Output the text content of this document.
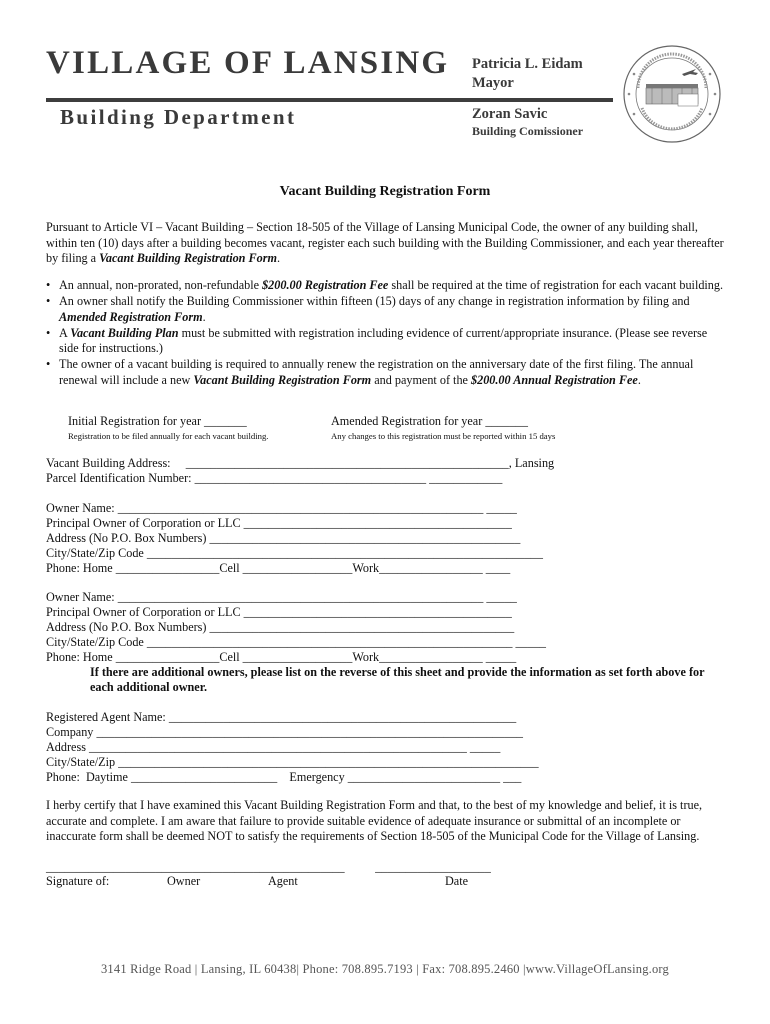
VILLAGE OF LANSING
Building Department
Patricia L. Eidam
Mayor
Zoran Savic
Building Comissioner
Vacant Building Registration Form
Pursuant to Article VI – Vacant Building – Section 18-505 of the Village of Lansing Municipal Code, the owner of any building shall, within ten (10) days after a building becomes vacant, register each such building with the Building Commissioner, and each year thereafter by filing a Vacant Building Registration Form.
• An annual, non-prorated, non-refundable $200.00 Registration Fee shall be required at the time of registration for each vacant building.
• An owner shall notify the Building Commissioner within fifteen (15) days of any change in registration information by filing and Amended Registration Form.
• A Vacant Building Plan must be submitted with registration including evidence of current/appropriate insurance. (Please see reverse side for instructions.)
• The owner of a vacant building is required to annually renew the registration on the anniversary date of the first filing. The annual renewal will include a new Vacant Building Registration Form and payment of the $200.00 Annual Registration Fee.
Initial Registration for year _______
Registration to be filed annually for each vacant building.
Amended Registration for year _______
Any changes to this registration must be reported within 15 days
Vacant Building Address:     _____________________________________________________, Lansing
Parcel Identification Number: ______________________________________ ____________
Owner Name: ____________________________________________________________ _____
Principal Owner of Corporation or LLC ____________________________________________
Address (No P.O. Box Numbers) ___________________________________________________
City/State/Zip Code _________________________________________________________________
Phone: Home _________________Cell __________________Work_________________ ____
Owner Name: ____________________________________________________________ _____
Principal Owner of Corporation or LLC ____________________________________________
Address (No P.O. Box Numbers) __________________________________________________
City/State/Zip Code ____________________________________________________________ _____
Phone: Home _________________Cell __________________Work_________________ _____
If there are additional owners, please list on the reverse of this sheet and provide the information as set forth above for each additional owner.
Registered Agent Name: _________________________________________________________
Company ______________________________________________________________________
Address ______________________________________________________________ _____
City/State/Zip _____________________________________________________________________
Phone:  Daytime ________________________    Emergency _________________________ ___
I herby certify that I have examined this Vacant Building Registration Form and that, to the best of my knowledge and belief, it is true, accurate and complete. I am aware that failure to provide suitable evidence of adequate insurance or submittal of an incomplete or inaccurate form shall be deemed NOT to satisfy the requirements of Section 18-505 of the Municipal Code for the Village of Lansing.
_________________________________________________          ___________________
Signature of:	Owner	Agent	Date
3141 Ridge Road | Lansing, IL 60438| Phone: 708.895.7193 | Fax: 708.895.2460 |www.VillageOfLansing.org
